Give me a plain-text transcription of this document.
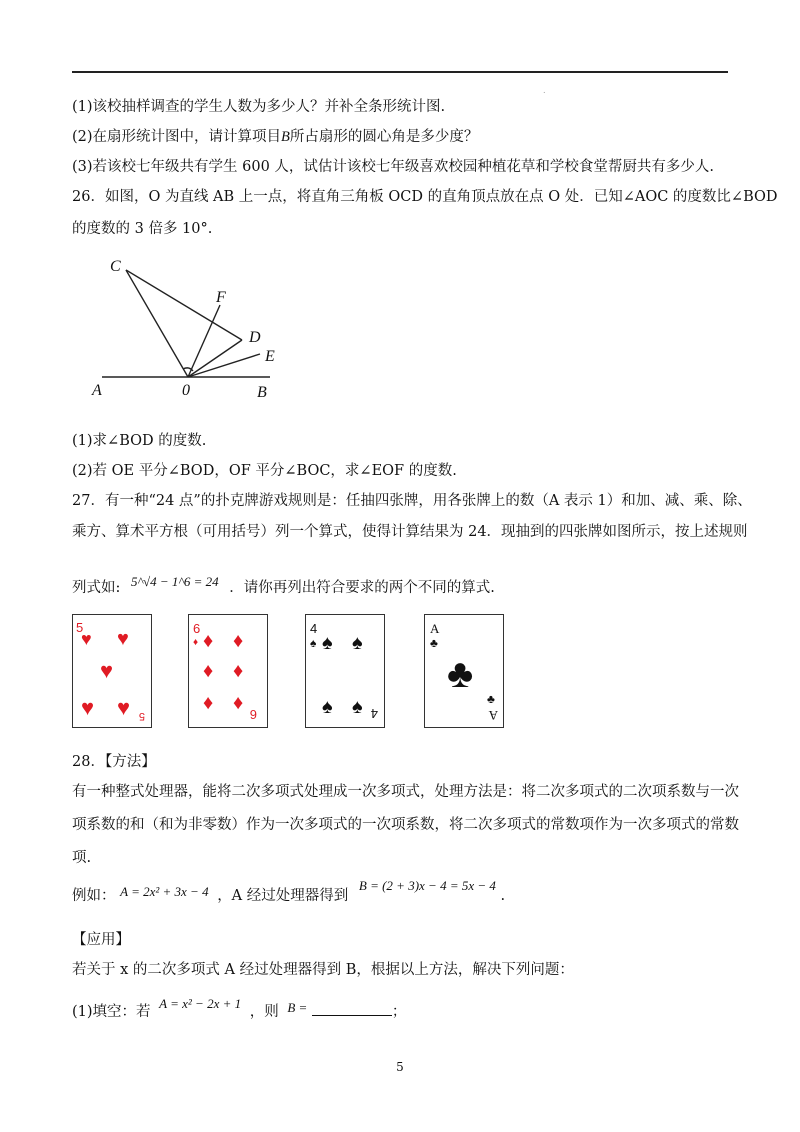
.
(1)该校抽样调查的学生人数为多少人？并补全条形统计图.
(2)在扇形统计图中，请计算项目B所占扇形的圆心角是多少度？
(3)若该校七年级共有学生 600 人，试估计该校七年级喜欢校园种植花草和学校食堂帮厨共有多少人.
26．如图，O 为直线 AB 上一点，将直角三角板 OCD 的直角顶点放在点 O 处．已知∠AOC 的度数比∠BOD
的度数的 3 倍多 10°.
C
F
D
E
A	0	B
(1)求∠BOD 的度数.
(2)若 OE 平分∠BOD，OF 平分∠BOC，求∠EOF 的度数.
27．有一种“24 点”的扑克牌游戏规则是：任抽四张牌，用各张牌上的数（A 表示 1）和加、减、乘、除、
乘方、算术平方根（可用括号）列一个算式，使得计算结果为 24．现抽到的四张牌如图所示，按上述规则
列式如: 5^√4 − 1^6 = 24 ．请你再列出符合要求的两个不同的算式.
5
5
♥ ♥
♥
♥ ♥
6
6
♦ ♦ ♦
♦ ♦
♦ ♦
4
4
♠ ♠ ♠
♠ ♠
A
A
♣
♣
♣
28．【方法】
有一种整式处理器，能将二次多项式处理成一次多项式，处理方法是：将二次多项式的二次项系数与一次
项系数的和（和为非零数）作为一次多项式的一次项系数，将二次多项式的常数项作为一次多项式的常数
项.
例如： A = 2x² + 3x − 4 ，A 经过处理器得到 B = (2 + 3)x − 4 = 5x − 4 .
【应用】
若关于 x 的二次多项式 A 经过处理器得到 B，根据以上方法，解决下列问题：
(1)填空：若 A = x² − 2x + 1 ，则 B =	；
5
